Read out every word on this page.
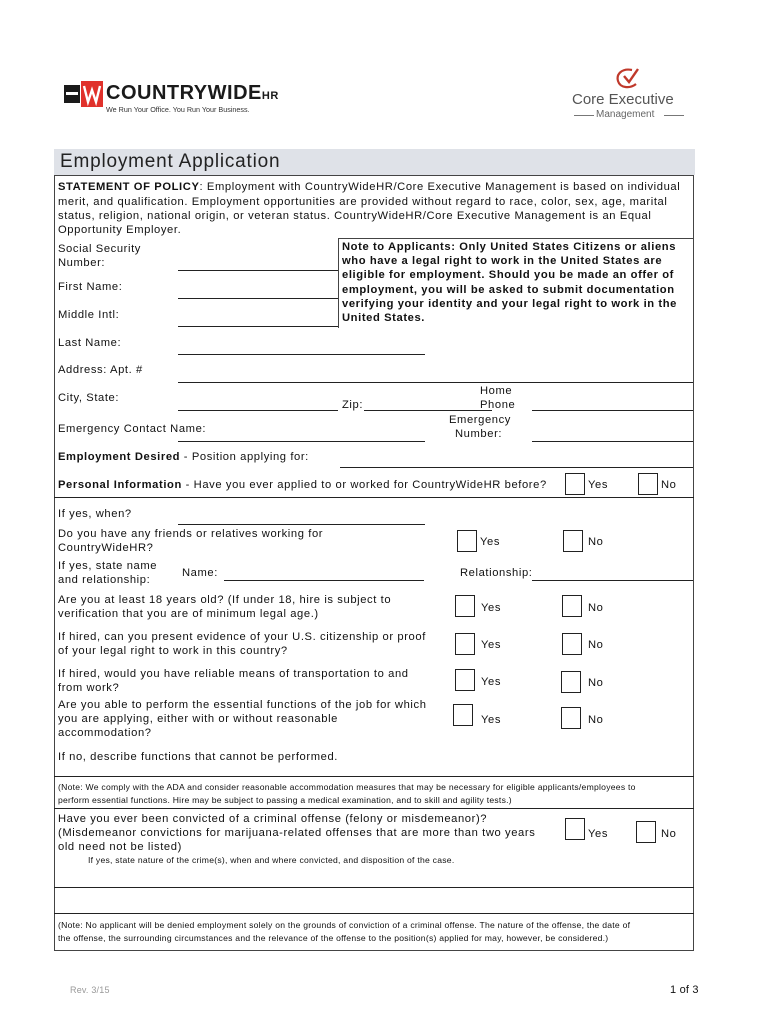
COUNTRYWIDEHR
We Run Your Office. You Run Your Business.
Core Executive
Management
Employment Application
STATEMENT OF POLICY: Employment with CountryWideHR/Core Executive Management is based on individual
merit, and qualification. Employment opportunities are provided without regard to race, color, sex, age, marital
status, religion, national origin, or veteran status. CountryWideHR/Core Executive Management is an Equal
Opportunity Employer.
Note to Applicants: Only United States Citizens or aliens
who have a legal right to work in the United States are
eligible for employment. Should you be made an offer of
employment, you will be asked to submit documentation
verifying your identity and your legal right to work in the
United States.
Social Security
Number:
First Name:
Middle Intl:
Last Name:
Address: Apt. #
City, State:
Zip:
Home
Phone
Emergency Contact Name:
Emergency
Number:
Employment Desired - Position applying for:
Personal Information - Have you ever applied to or worked for CountryWideHR before?	Yes	No
If yes, when?
Do you have any friends or relatives working for
CountryWideHR?	Yes	No
If yes, state name
and relationship:
Name:	Relationship:
Are you at least 18 years old? (If under 18, hire is subject to
verification that you are of minimum legal age.)	Yes	No
If hired, can you present evidence of your U.S. citizenship or proof
of your legal right to work in this country?	Yes	No
If hired, would you have reliable means of transportation to and
from work?	Yes	No
Are you able to perform the essential functions of the job for which
you are applying, either with or without reasonable
accommodation?
Yes	No
If no, describe functions that cannot be performed.
(Note: We comply with the ADA and consider reasonable accommodation measures that may be necessary for eligible applicants/employees to
perform essential functions. Hire may be subject to passing a medical examination, and to skill and agility tests.)
Have you ever been convicted of a criminal offense (felony or misdemeanor)?
(Misdemeanor convictions for marijuana-related offenses that are more than two years
old need not be listed)
Yes	No
If yes, state nature of the crime(s), when and where convicted, and disposition of the case.
(Note: No applicant will be denied employment solely on the grounds of conviction of a criminal offense. The nature of the offense, the date of
the offense, the surrounding circumstances and the relevance of the offense to the position(s) applied for may, however, be considered.)
Rev. 3/15	1 of 3
